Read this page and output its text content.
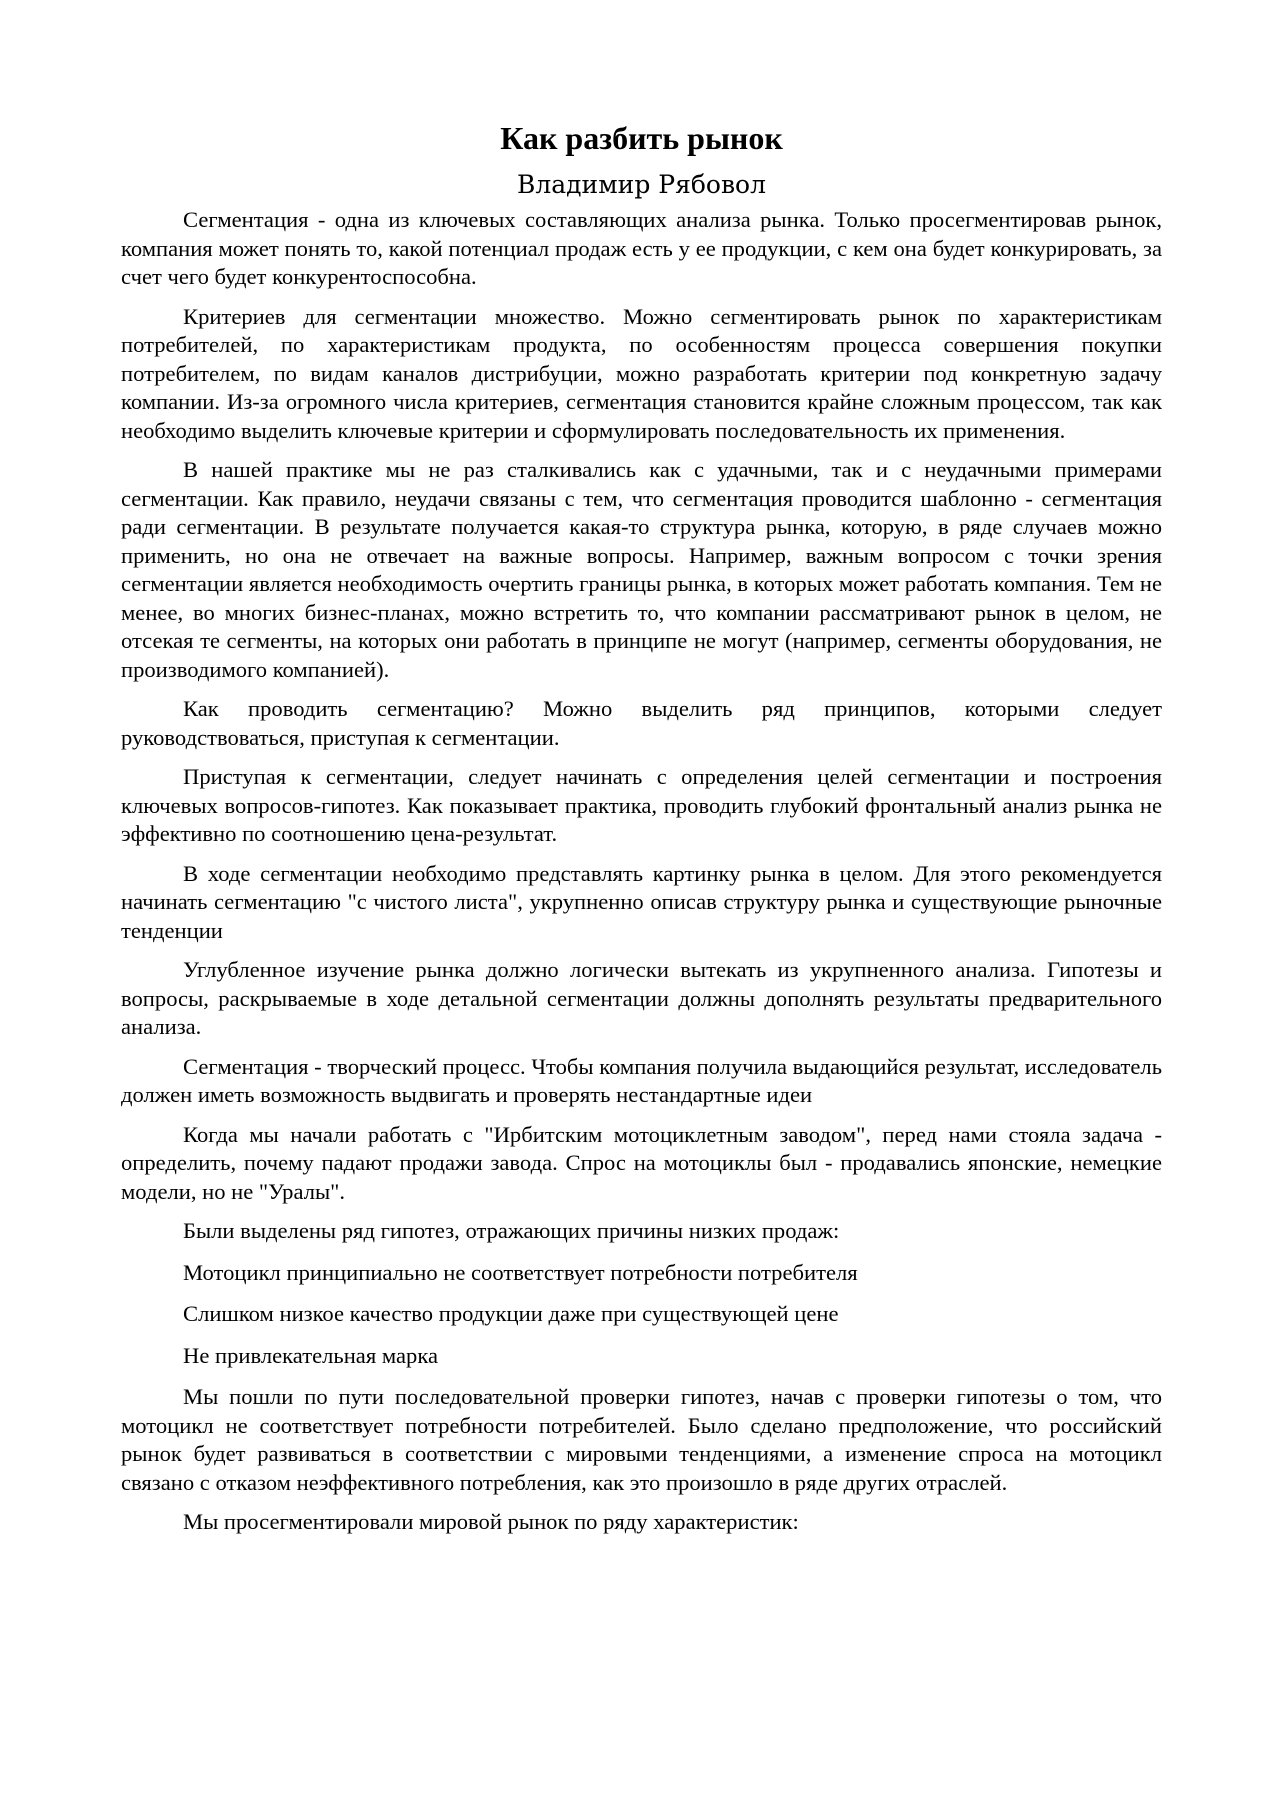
Как разбить рынок
Владимир Рябовол

Сегментация - одна из ключевых составляющих анализа рынка. Только просегментировав рынок, компания может понять то, какой потенциал продаж есть у ее продукции, с кем она будет конкурировать, за счет чего будет конкурентоспособна.

Критериев для сегментации множество. Можно сегментировать рынок по характеристикам потребителей, по характеристикам продукта, по особенностям процесса совершения покупки потребителем, по видам каналов дистрибуции, можно разработать критерии под конкретную задачу компании. Из-за огромного числа критериев, сегментация становится крайне сложным процессом, так как необходимо выделить ключевые критерии и сформулировать последовательность их применения.

В нашей практике мы не раз сталкивались как с удачными, так и с неудачными примерами сегментации. Как правило, неудачи связаны с тем, что сегментация проводится шаблонно - сегментация ради сегментации. В результате получается какая-то структура рынка, которую, в ряде случаев можно применить, но она не отвечает на важные вопросы. Например, важным вопросом с точки зрения сегментации является необходимость очертить границы рынка, в которых может работать компания. Тем не менее, во многих бизнес-планах, можно встретить то, что компании рассматривают рынок в целом, не отсекая те сегменты, на которых они работать в принципе не могут (например, сегменты оборудования, не производимого компанией).

Как проводить сегментацию? Можно выделить ряд принципов, которыми следует руководствоваться, приступая к сегментации.

Приступая к сегментации, следует начинать с определения целей сегментации и построения ключевых вопросов-гипотез. Как показывает практика, проводить глубокий фронтальный анализ рынка не эффективно по соотношению цена-результат.

В ходе сегментации необходимо представлять картинку рынка в целом. Для этого рекомендуется начинать сегментацию "с чистого листа", укрупненно описав структуру рынка и существующие рыночные тенденции

Углубленное изучение рынка должно логически вытекать из укрупненного анализа. Гипотезы и вопросы, раскрываемые в ходе детальной сегментации должны дополнять результаты предварительного анализа.

Сегментация - творческий процесс. Чтобы компания получила выдающийся результат, исследователь должен иметь возможность выдвигать и проверять нестандартные идеи

Когда мы начали работать с "Ирбитским мотоциклетным заводом", перед нами стояла задача - определить, почему падают продажи завода. Спрос на мотоциклы был - продавались японские, немецкие модели, но не "Уралы".

Были выделены ряд гипотез, отражающих причины низких продаж:

Мотоцикл принципиально не соответствует потребности потребителя

Слишком низкое качество продукции даже при существующей цене

Не привлекательная марка

Мы пошли по пути последовательной проверки гипотез, начав с проверки гипотезы о том, что мотоцикл не соответствует потребности потребителей. Было сделано предположение, что российский рынок будет развиваться в соответствии с мировыми тенденциями, а изменение спроса на мотоцикл связано с отказом неэффективного потребления, как это произошло в ряде других отраслей.

Мы просегментировали мировой рынок по ряду характеристик:
